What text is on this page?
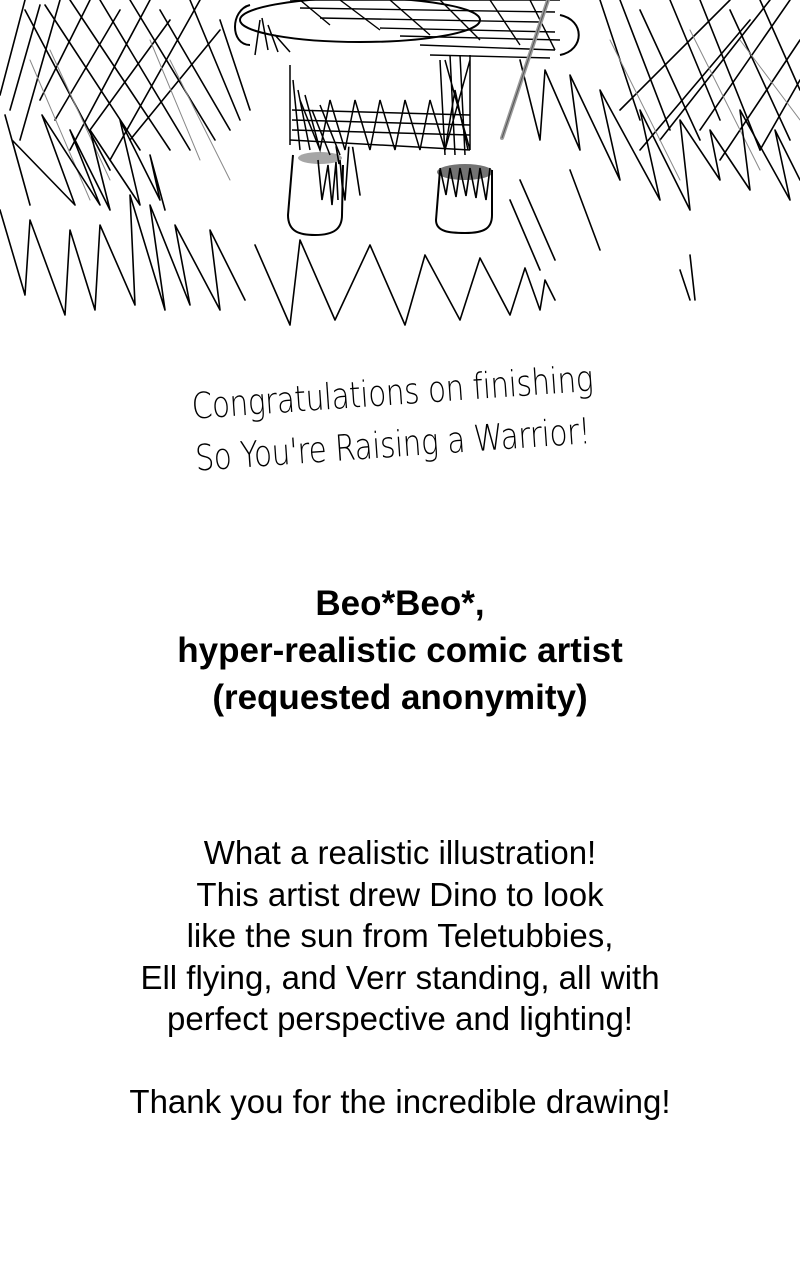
Congratulations on finishing
So You're Raising a Warrior!
Beo*Beo*,
hyper-realistic comic artist
(requested anonymity)
What a realistic illustration!
This artist drew Dino to look
like the sun from Teletubbies,
Ell flying, and Verr standing, all with
perfect perspective and lighting!
Thank you for the incredible drawing!
